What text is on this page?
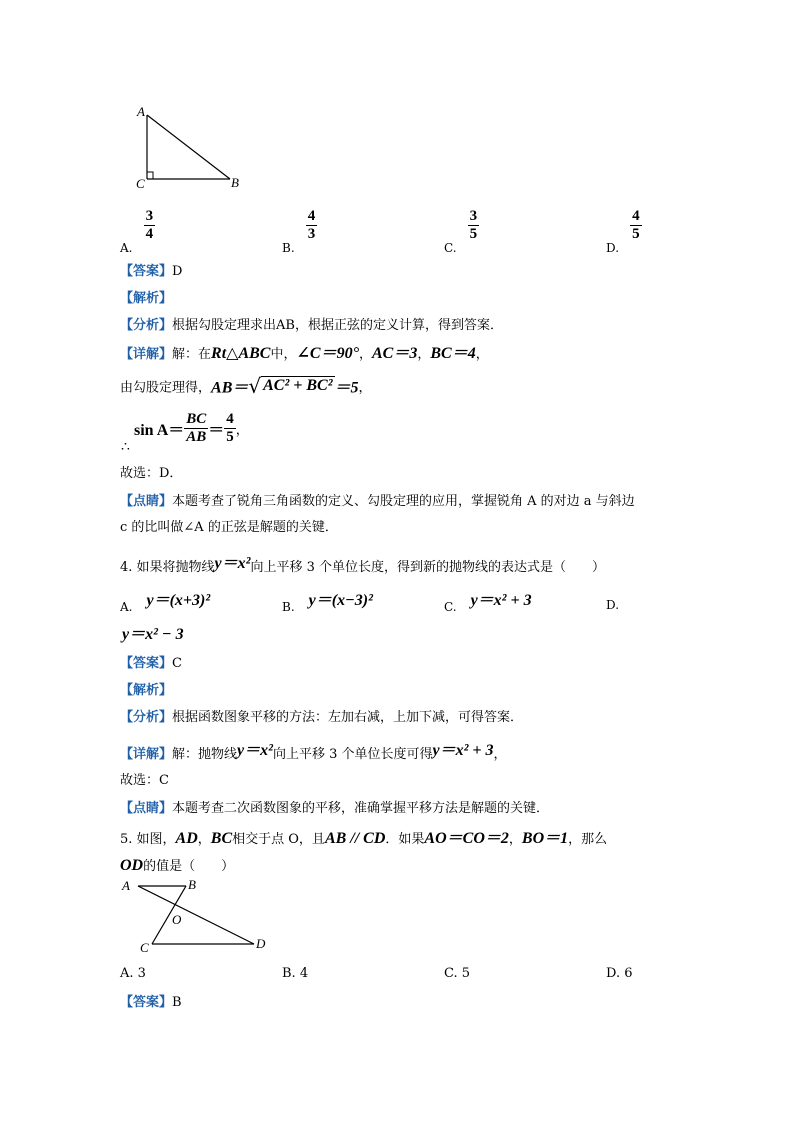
A
C	B
$_{A.}$
$\frac{3}{4}$
$_{B.}$
$\frac{4}{3}$
$_{C.}$
$\frac{3}{5}$
$_{D.}$
$\frac{4}{5}$
【答案】D
【解析】
【分析】根据勾股定理求出AB，根据正弦的定义计算，得到答案．
【详解】解：在Rt△ABC中，∠C＝90°，AC＝3，BC＝4，
由勾股定理得，AB＝√ AC² + BC² ＝5，
$\sin A= \frac{BC}{AB} = \frac{4}{5}$ ，
∴
故选：D．
【点睛】本题考查了锐角三角函数的定义、勾股定理的应用，掌握锐角 A 的对边 a 与斜边
c 的比叫做∠A 的正弦是解题的关键．
4. 如果将抛物线y＝x²向上平移 3 个单位长度，得到新的抛物线的表达式是（　　）
$_{A.}$ y＝(x+3)²	$_{B.}$ y＝(x−3)²	$_{C.}$ y＝x² + 3	D.
y＝x² − 3
【答案】C
【解析】
【分析】根据函数图象平移的方法：左加右减，上加下减，可得答案．
【详解】解：抛物线y＝x²向上平移 3 个单位长度可得y＝x² + 3，
故选：C
【点睛】本题考查二次函数图象的平移，准确掌握平移方法是解题的关键．
5. 如图，AD，BC相交于点 O，且AB // CD．如果AO＝CO＝2，BO＝1，那么
OD的值是（　　）
A	B
O
C	D
A. 3	B. 4	C. 5	D. 6
【答案】B
